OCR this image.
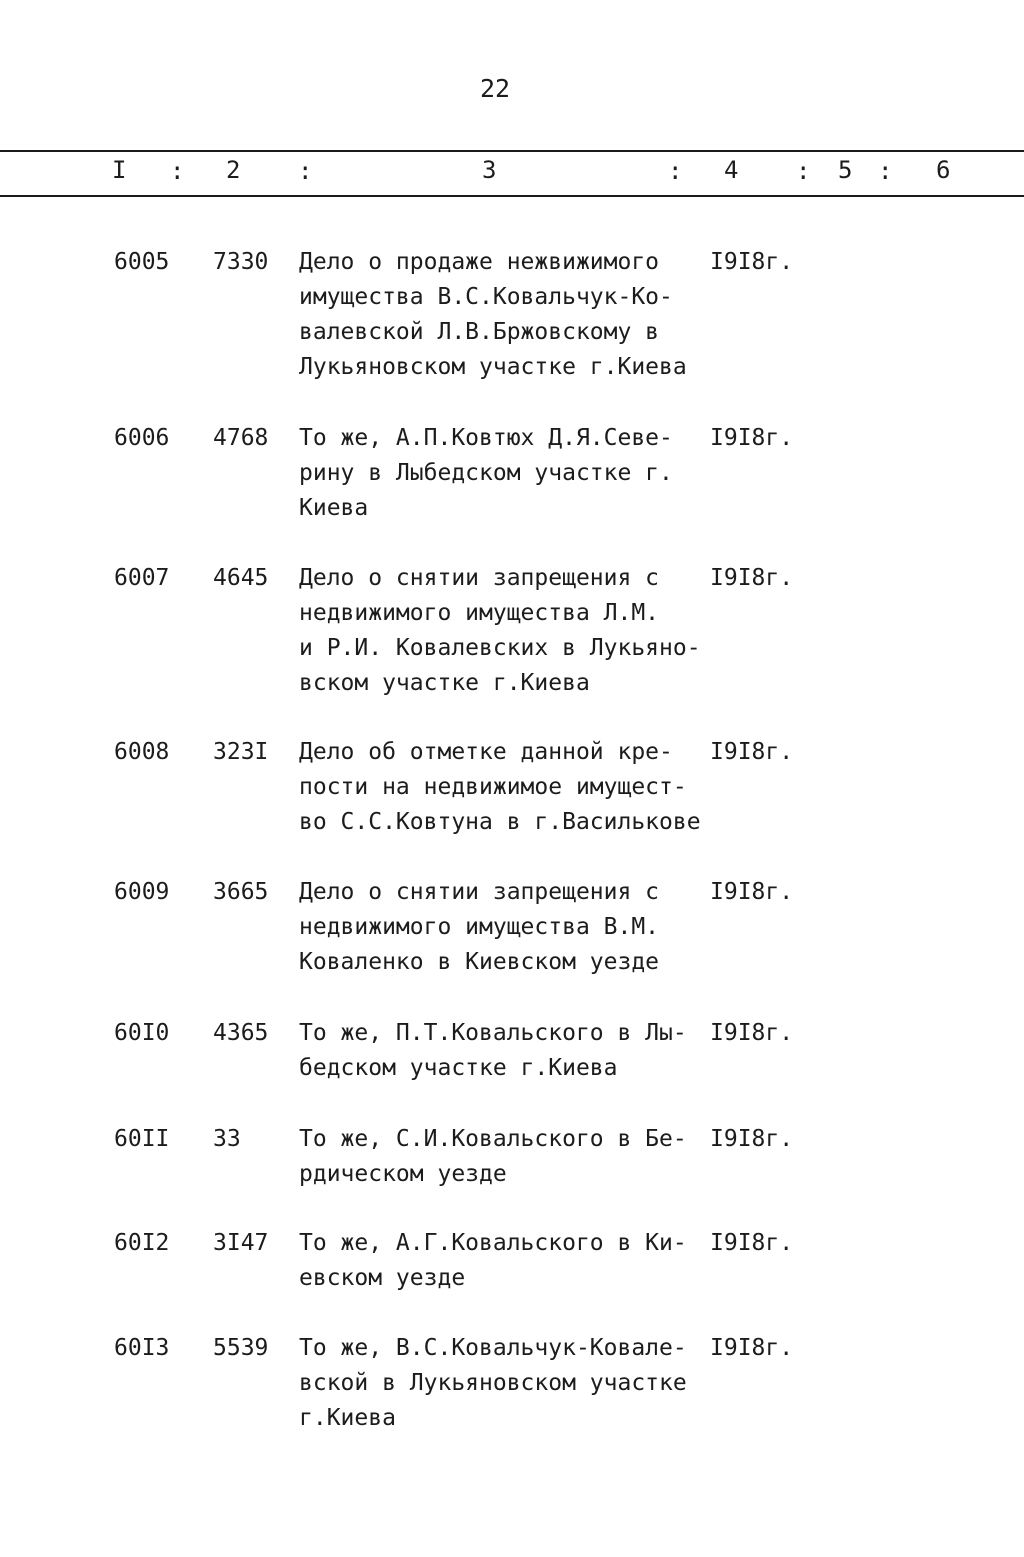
22
I : 2 :	3	: 4 : 5 : 6
6005 7330 Дело о продаже нежвижимого
имущества В.С.Ковальчук-Ко-
валевской Л.В.Бржовскому в
Лукьяновском участке г.Киева
I9I8г.
6006 4768 То же, А.П.Ковтюх Д.Я.Севе-
рину в Лыбедском участке г.
Киева
I9I8г.
6007 4645 Дело о снятии запрещения с
недвижимого имущества Л.М.
и Р.И. Ковалевских в Лукьяно-
вском участке г.Киева
I9I8г.
6008 323I Дело об отметке данной кре-
пости на недвижимое имущест-
во С.С.Ковтуна в г.Василькове
I9I8г.
6009 3665 Дело о снятии запрещения с
недвижимого имущества В.М.
Коваленко в Киевском уезде
I9I8г.
60I0 4365 То же, П.Т.Ковальского в Лы-
бедском участке г.Киева
I9I8г.
60II 33	То же, С.И.Ковальского в Бе-
рдическом уезде
I9I8г.
60I2 3I47 То же, А.Г.Ковальского в Ки-
евском уезде
I9I8г.
60I3 5539 То же, В.С.Ковальчук-Ковале-
вской в Лукьяновском участке
г.Киева
I9I8г.
